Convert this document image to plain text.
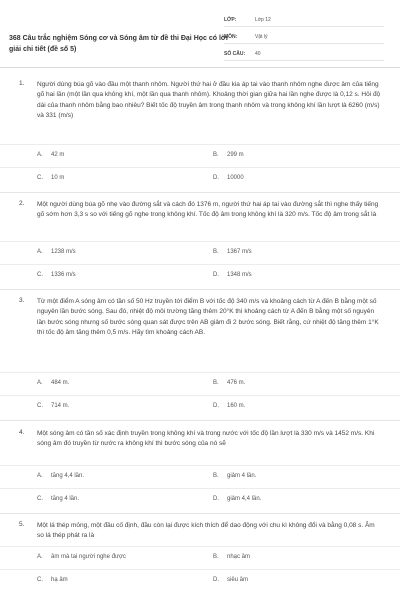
368 Câu trắc nghiệm Sóng cơ và Sóng âm từ đề thi Đại Học có lời giải chi tiết (đề số 5)
LỚP:	Lớp 12
MÔN:	Vật lý
SỐ CÂU:	40
1. Người dùng búa gõ vào đầu một thanh nhôm. Người thứ hai ở đầu kia áp tai vào thanh nhôm nghe được âm của tiếng gõ hai lần (một lần qua không khí, một lần qua thanh nhôm). Khoảng thời gian giữa hai lần nghe được là 0,12 s. Hỏi độ dài của thanh nhôm bằng bao nhiêu? Biết tốc độ truyền âm trong thanh nhôm và trong không khí lần lượt là 6260 (m/s) và 331 (m/s)
A. 42 m	B. 299 m
C. 10 m	D. 10000
2. Một người dùng búa gõ nhẹ vào đường sắt và cách đó 1376 m, người thứ hai áp tai vào đường sắt thì nghe thấy tiếng gõ sớm hơn 3,3 s so với tiếng gõ nghe trong không khí. Tốc độ âm trong không khí là 320 m/s. Tốc độ âm trong sắt là
A. 1238 m/s	B. 1367 m/s
C. 1336 m/s	D. 1348 m/s
3. Từ một điểm A sóng âm có tần số 50 Hz truyền tới điểm B với tốc độ 340 m/s và khoảng cách từ A đến B bằng một số nguyên lần bước sóng. Sau đó, nhiệt độ môi trường tăng thêm 20°K thì khoảng cách từ A đến B bằng một số nguyên lần bước sóng nhưng số bước sóng quan sát được trên AB giảm đi 2 bước sóng. Biết rằng, cứ nhiệt độ tăng thêm 1°K thì tốc độ âm tăng thêm 0,5 m/s. Hãy tìm khoảng cách AB.
A. 484 m.	B. 476 m.
C. 714 m.	D. 160 m.
4. Một sóng âm có tần số xác định truyền trong không khí và trong nước với tốc độ lần lượt là 330 m/s và 1452 m/s. Khi sóng âm đó truyền từ nước ra không khí thì bước sóng của nó sẽ
A. tăng 4,4 lần.	B. giảm 4 lần.
C. tăng 4 lần.	D. giảm 4,4 lần.
5. Một lá thép mỏng, một đầu cố định, đầu còn lại được kích thích để dao động với chu kì không đổi và bằng 0,08 s. Âm so lá thép phát ra là
A. âm mà tai người nghe được	B. nhạc âm
C. hạ âm	D. siêu âm
